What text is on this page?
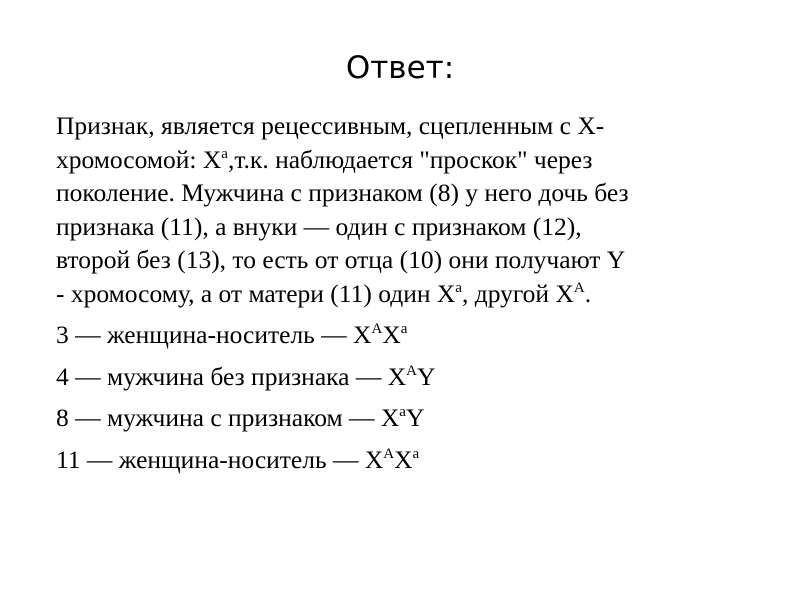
Ответ:
Признак, является рецессивным, сцепленным с Х-
хромосомой: $Х^а,т.к$. наблюдается "проскок" через
поколение. Мужчина с признаком (8) у него дочь без
признака (11), а внуки — один с признаком (12),
второй без (13), то есть от отца (10) они получают Y
- хромосому, а от матери (11) один $Х^а$, другой $Х^А$.
3 — женщина-носитель — $Х^АХ^а$
4 — мужчина без признака — $Х^АY$
8 — мужчина с признаком — $Х^аY$
11 — женщина-носитель — $Х^АХ^а$
